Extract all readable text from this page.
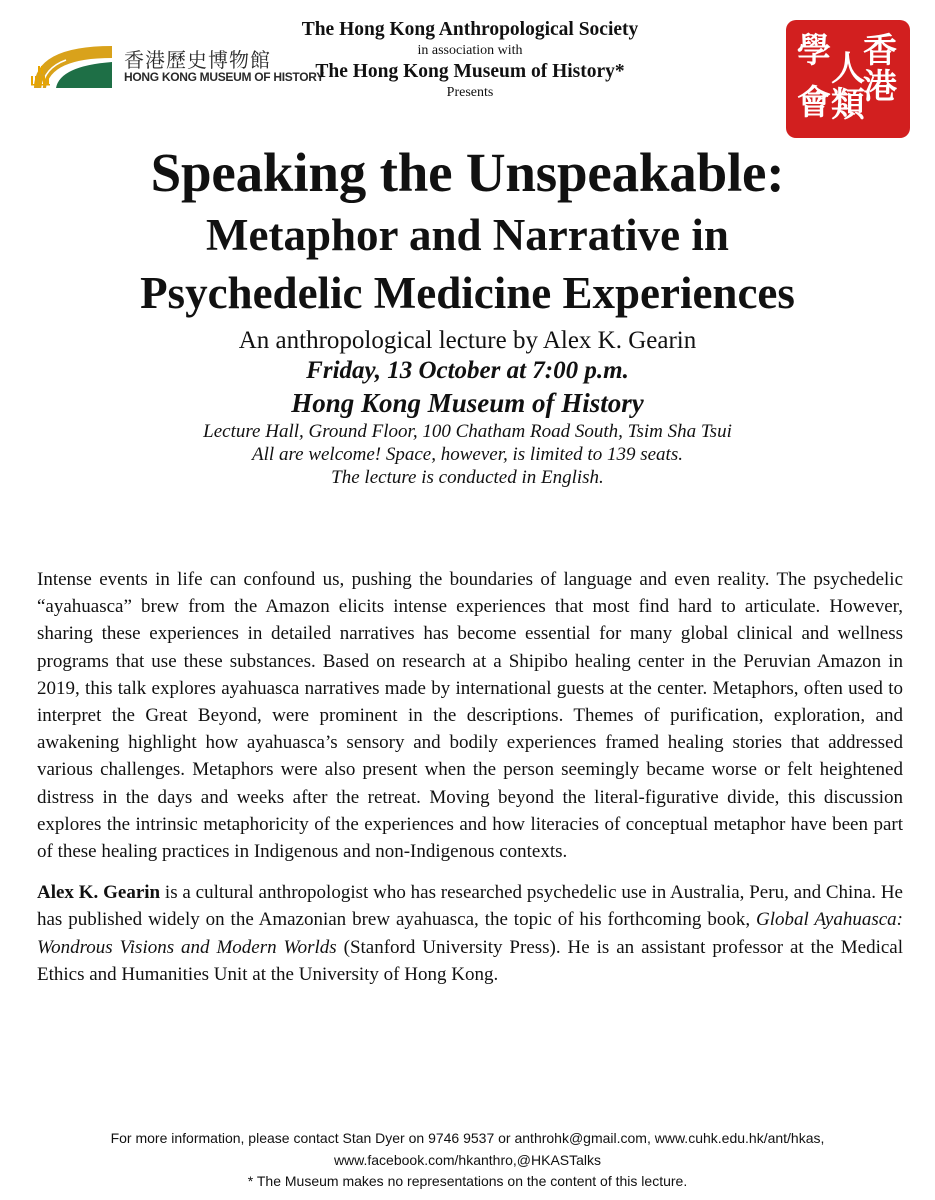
香港歷史博物館
HONG KONG MUSEUM OF HISTORY
The Hong Kong Anthropological Society
in association with
The Hong Kong Museum of History*
Presents
香
港
人
類
學
會
Speaking the Unspeakable:
Metaphor and Narrative in
Psychedelic Medicine Experiences
An anthropological lecture by Alex K. Gearin
Friday, 13 October at 7:00 p.m.
Hong Kong Museum of History
Lecture Hall, Ground Floor, 100 Chatham Road South, Tsim Sha Tsui
All are welcome! Space, however, is limited to 139 seats.
The lecture is conducted in English.

Intense events in life can confound us, pushing the boundaries of language and even reality. The psychedelic “ayahuasca” brew from the Amazon elicits intense experiences that most find hard to articulate. However, sharing these experiences in detailed narratives has become essential for many global clinical and wellness programs that use these substances. Based on research at a Shipibo healing center in the Peruvian Amazon in 2019, this talk explores ayahuasca narratives made by international guests at the center. Metaphors, often used to interpret the Great Beyond, were prominent in the descriptions. Themes of purification, exploration, and awakening highlight how ayahuasca’s sensory and bodily experiences framed healing stories that addressed various challenges. Metaphors were also present when the person seemingly became worse or felt heightened distress in the days and weeks after the retreat. Moving beyond the literal-figurative divide, this discussion explores the intrinsic metaphoricity of the experiences and how literacies of conceptual metaphor have been part of these healing practices in Indigenous and non-Indigenous contexts.

Alex K. Gearin is a cultural anthropologist who has researched psychedelic use in Australia, Peru, and China. He has published widely on the Amazonian brew ayahuasca, the topic of his forthcoming book, Global Ayahuasca: Wondrous Visions and Modern Worlds (Stanford University Press). He is an assistant professor at the Medical Ethics and Humanities Unit at the University of Hong Kong.

For more information, please contact Stan Dyer on 9746 9537 or anthrohk@gmail.com, www.cuhk.edu.hk/ant/hkas,
www.facebook.com/hkanthro,@HKASTalks
* The Museum makes no representations on the content of this lecture.
